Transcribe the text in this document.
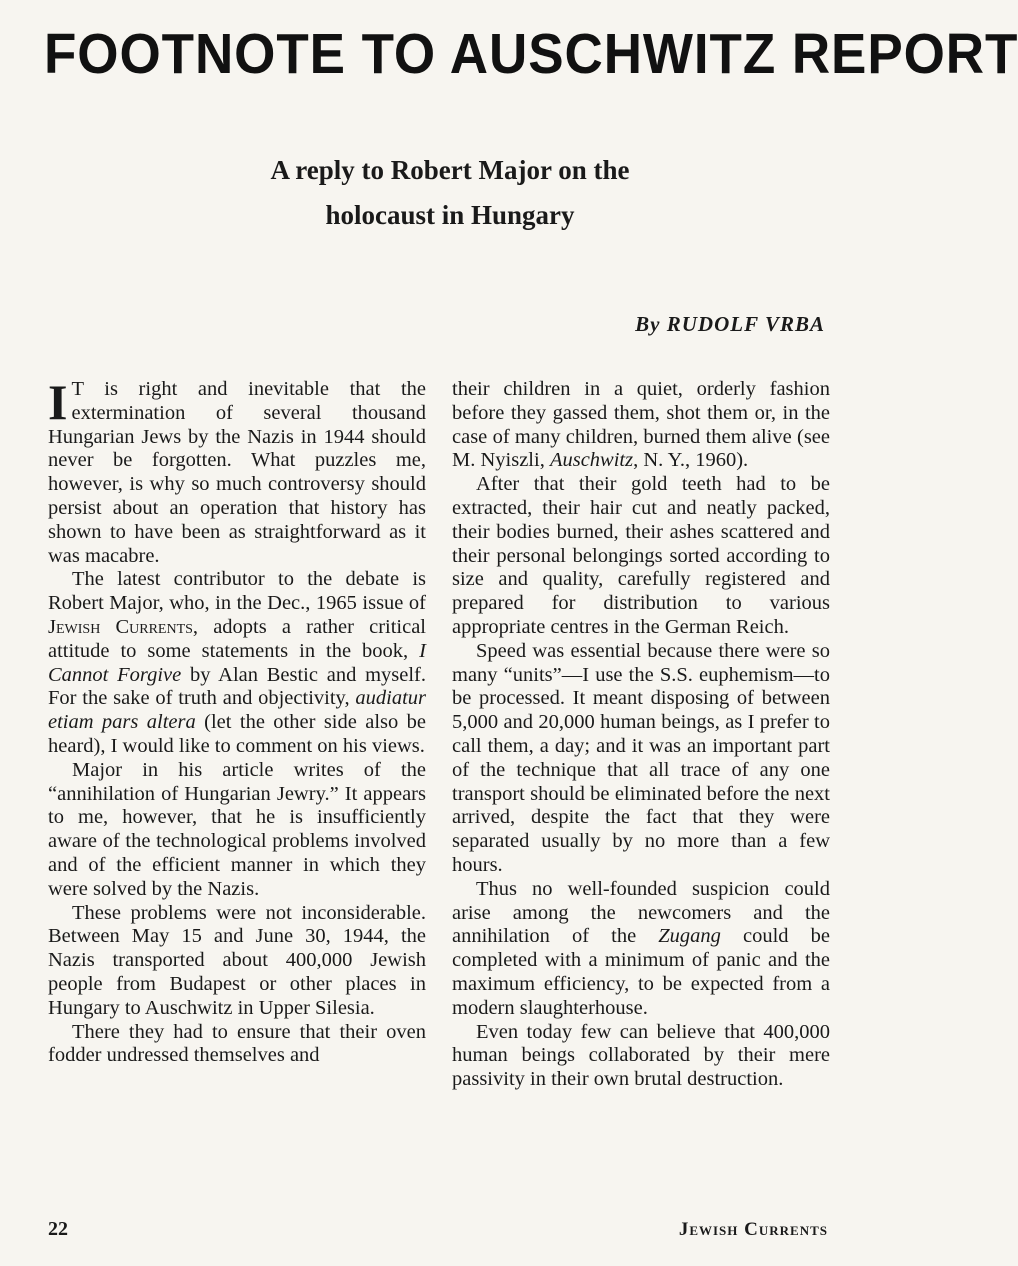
FOOTNOTE TO AUSCHWITZ REPORT
A reply to Robert Major on the
holocaust in Hungary
By RUDOLF VRBA

I T is right and inevitable that the extermination of several thousand Hungarian Jews by the Nazis in 1944 should never be forgotten. What puzzles me, however, is why so much controversy should persist about an operation that history has shown to have been as straightforward as it was macabre.

The latest contributor to the debate is Robert Major, who, in the Dec., 1965 issue of Jewish Currents, adopts a rather critical attitude to some statements in the book, I Cannot Forgive by Alan Bestic and myself. For the sake of truth and objectivity, audiatur etiam pars altera (let the other side also be heard), I would like to comment on his views.

Major in his article writes of the “annihilation of Hungarian Jewry.” It appears to me, however, that he is insufficiently aware of the technological problems involved and of the efficient manner in which they were solved by the Nazis.

These problems were not inconsiderable. Between May 15 and June 30, 1944, the Nazis transported about 400,000 Jewish people from Budapest or other places in Hungary to Auschwitz in Upper Silesia.

There they had to ensure that their oven fodder undressed themselves and

their children in a quiet, orderly fashion before they gassed them, shot them or, in the case of many children, burned them alive (see M. Nyiszli, Auschwitz, N. Y., 1960).

After that their gold teeth had to be extracted, their hair cut and neatly packed, their bodies burned, their ashes scattered and their personal belongings sorted according to size and quality, carefully registered and prepared for distribution to various appropriate centres in the German Reich.

Speed was essential because there were so many “units”—I use the S.S. euphemism—to be processed. It meant disposing of between 5,000 and 20,000 human beings, as I prefer to call them, a day; and it was an important part of the technique that all trace of any one transport should be eliminated before the next arrived, despite the fact that they were separated usually by no more than a few hours.

Thus no well-founded suspicion could arise among the newcomers and the annihilation of the Zugang could be completed with a minimum of panic and the maximum efficiency, to be expected from a modern slaughterhouse.

Even today few can believe that 400,000 human beings collaborated by their mere passivity in their own brutal destruction.

22	Jewish Currents
